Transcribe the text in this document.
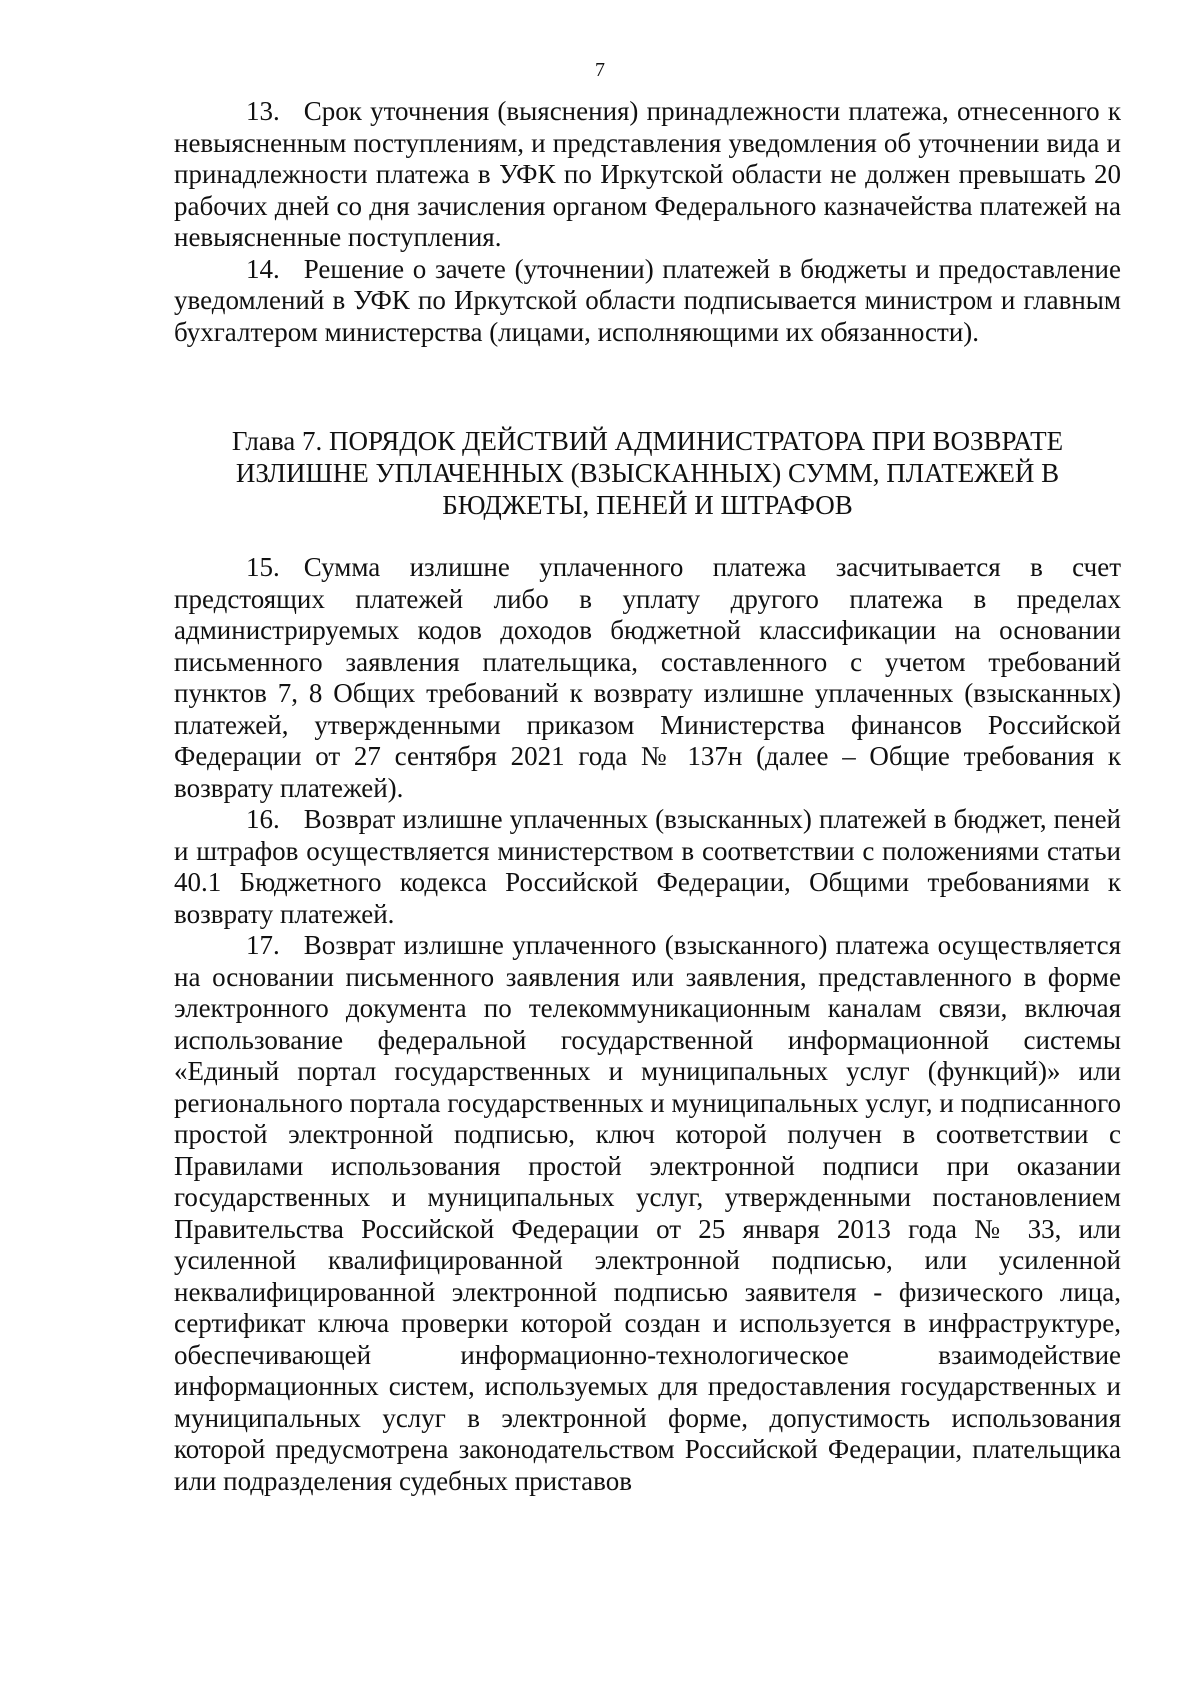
7

13. Срок уточнения (выяснения) принадлежности платежа, отнесенного к невыясненным поступлениям, и представления уведомления об уточнении вида и принадлежности платежа в УФК по Иркутской области не должен превышать 20 рабочих дней со дня зачисления органом Федерального казначейства платежей на невыясненные поступления.

14. Решение о зачете (уточнении) платежей в бюджеты и предоставление уведомлений в УФК по Иркутской области подписывается министром и главным бухгалтером министерства (лицами, исполняющими их обязанности).

Глава 7. ПОРЯДОК ДЕЙСТВИЙ АДМИНИСТРАТОРА ПРИ ВОЗВРАТЕ
ИЗЛИШНЕ УПЛАЧЕННЫХ (ВЗЫСКАННЫХ) СУММ, ПЛАТЕЖЕЙ В
БЮДЖЕТЫ, ПЕНЕЙ И ШТРАФОВ

15. Сумма излишне уплаченного платежа засчитывается в счет предстоящих платежей либо в уплату другого платежа в пределах администрируемых кодов доходов бюджетной классификации на основании письменного заявления плательщика, составленного с учетом требований пунктов 7, 8 Общих требований к возврату излишне уплаченных (взысканных) платежей, утвержденными приказом Министерства финансов Российской Федерации от 27 сентября 2021 года № 137н (далее – Общие требования к возврату платежей).

16. Возврат излишне уплаченных (взысканных) платежей в бюджет, пеней и штрафов осуществляется министерством в соответствии с положениями статьи 40.1 Бюджетного кодекса Российской Федерации, Общими требованиями к возврату платежей.

17. Возврат излишне уплаченного (взысканного) платежа осуществляется на основании письменного заявления или заявления, представленного в форме электронного документа по телекоммуникационным каналам связи, включая использование федеральной государственной информационной системы «Единый портал государственных и муниципальных услуг (функций)» или регионального портала государственных и муниципальных услуг, и подписанного простой электронной подписью, ключ которой получен в соответствии с Правилами использования простой электронной подписи при оказании государственных и муниципальных услуг, утвержденными постановлением Правительства Российской Федерации от 25 января 2013 года № 33, или усиленной квалифицированной электронной подписью, или усиленной неквалифицированной электронной подписью заявителя - физического лица, сертификат ключа проверки которой создан и используется в инфраструктуре, обеспечивающей информационно-технологическое взаимодействие информационных систем, используемых для предоставления государственных и муниципальных услуг в электронной форме, допустимость использования которой предусмотрена законодательством Российской Федерации, плательщика или подразделения судебных приставов
